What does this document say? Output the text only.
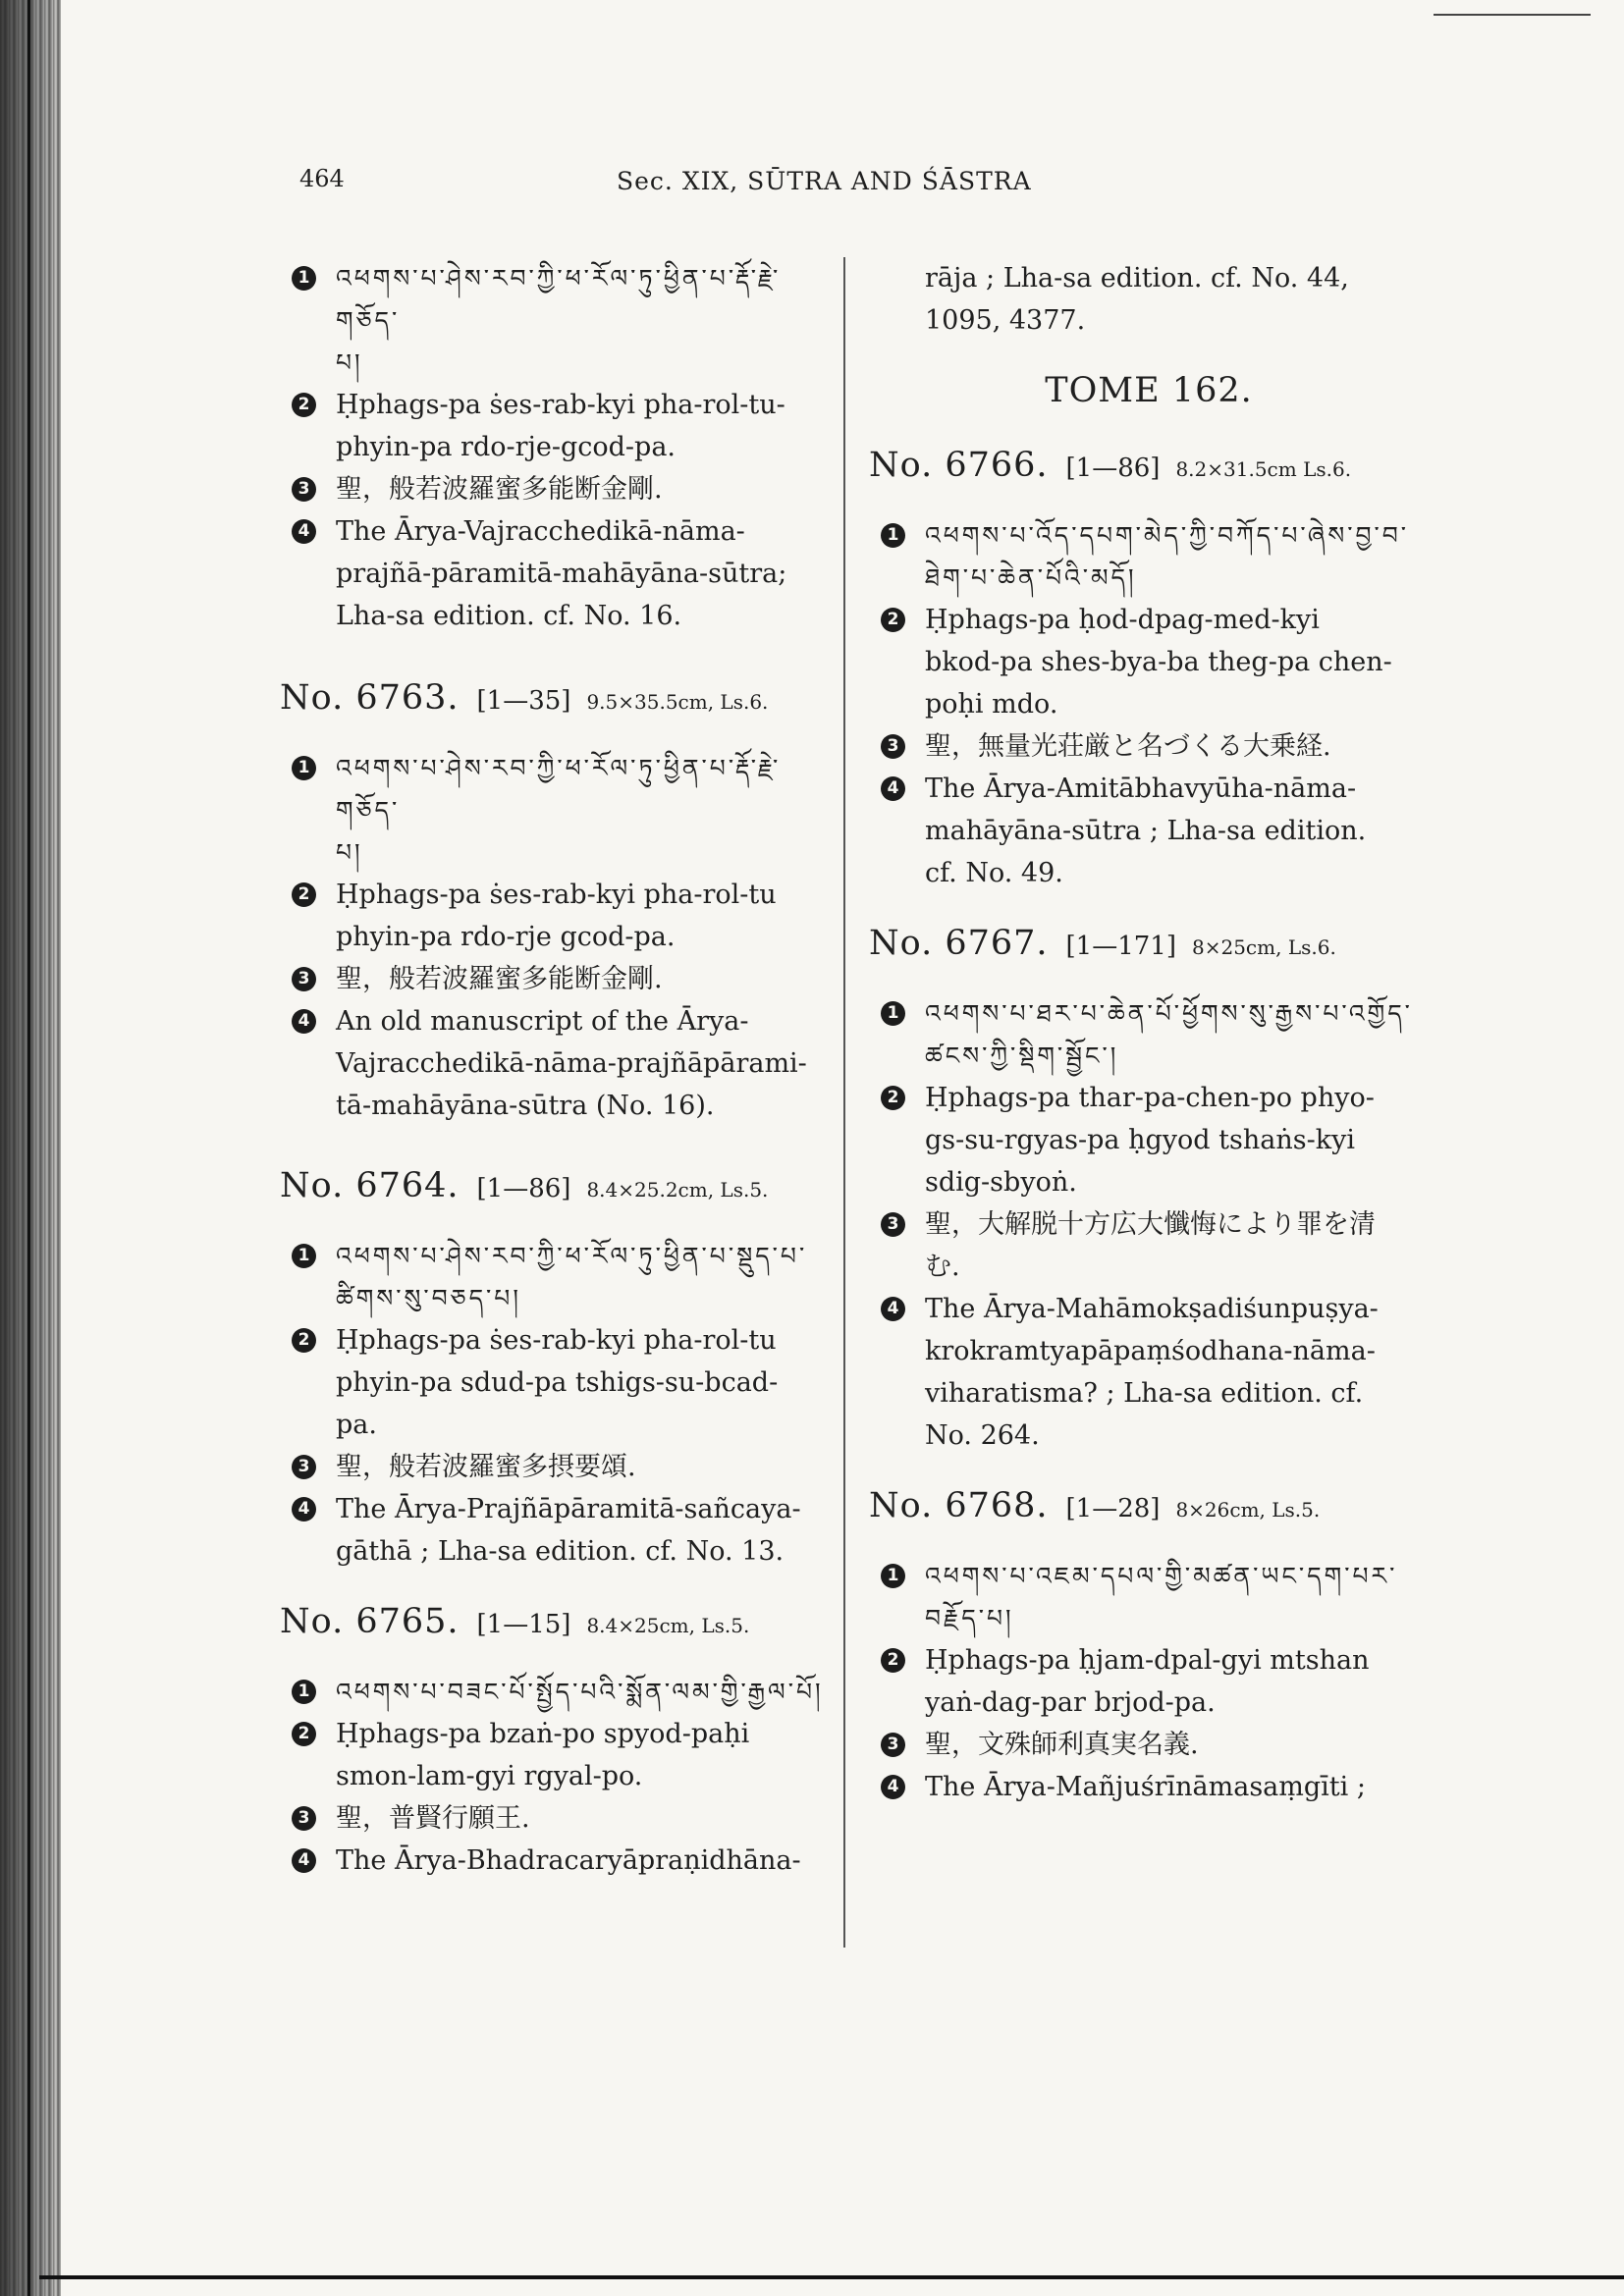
464	Sec. XIX, SŪTRA AND ŚĀSTRA
1 འཕགས་པ་ཤེས་རབ་ཀྱི་ཕ་རོལ་ཏུ་ཕྱིན་པ་རྡོ་རྗེ་གཅོད་
པ།
2 Ḥphags-pa ṡes-rab-kyi pha-rol-tu-
phyin-pa rdo-rje-gcod-pa.
3 聖，般若波羅蜜多能断金剛.
4 The Ārya-Vajracchedikā-nāma-
prajñā-pāramitā-mahāyāna-sūtra;
Lha-sa edition. cf. No. 16.
No. 6763. [1—35] 9.5×35.5cm, Ls.6.
1 འཕགས་པ་ཤེས་རབ་ཀྱི་ཕ་རོལ་ཏུ་ཕྱིན་པ་རྡོ་རྗེ་གཅོད་
པ།
2 Ḥphags-pa ṡes-rab-kyi pha-rol-tu
phyin-pa rdo-rje gcod-pa.
3 聖，般若波羅蜜多能断金剛.
4 An old manuscript of the Ārya-
Vajracchedikā-nāma-prajñāpārami-
tā-mahāyāna-sūtra (No. 16).
No. 6764. [1—86] 8.4×25.2cm, Ls.5.
1 འཕགས་པ་ཤེས་རབ་ཀྱི་ཕ་རོལ་ཏུ་ཕྱིན་པ་སྡུད་པ་
ཚིགས་སུ་བཅད་པ།
2 Ḥphags-pa ṡes-rab-kyi pha-rol-tu
phyin-pa sdud-pa tshigs-su-bcad-
pa.
3 聖，般若波羅蜜多摂要頌.
4 The Ārya-Prajñāpāramitā-sañcaya-
gāthā ; Lha-sa edition. cf. No. 13.
No. 6765. [1—15] 8.4×25cm, Ls.5.
1 འཕགས་པ་བཟང་པོ་སྤྱོད་པའི་སྨོན་ལམ་གྱི་རྒྱལ་པོ།
2 Ḥphags-pa bzaṅ-po spyod-paḥi
smon-lam-gyi rgyal-po.
3 聖，普賢行願王.
4 The Ārya-Bhadracaryāpraṇidhāna-
rāja ; Lha-sa edition. cf. No. 44,
1095, 4377.
TOME 162.
No. 6766. [1—86] 8.2×31.5cm Ls.6.
1 འཕགས་པ་འོད་དཔག་མེད་ཀྱི་བཀོད་པ་ཞེས་བྱ་བ་
ཐེག་པ་ཆེན་པོའི་མདོ།
2 Ḥphags-pa ḥod-dpag-med-kyi
bkod-pa shes-bya-ba theg-pa chen-
poḥi mdo.
3 聖，無量光荘厳と名づくる大乗経.
4 The Ārya-Amitābhavyūha-nāma-
mahāyāna-sūtra ; Lha-sa edition.
cf. No. 49.
No. 6767. [1—171] 8×25cm, Ls.6.
1 འཕགས་པ་ཐར་པ་ཆེན་པོ་ཕྱོགས་སུ་རྒྱས་པ་འགྱོད་
ཚངས་ཀྱི་སྡིག་སྦྱོང་།
2 Ḥphags-pa thar-pa-chen-po phyo-
gs-su-rgyas-pa ḥgyod tshaṅs-kyi
sdig-sbyoṅ.
3 聖，大解脱十方広大懺悔により罪を清
む.
4 The Ārya-Mahāmokṣadiśunpuṣya-
krokramtyapāpaṃśodhana-nāma-
viharatisma? ; Lha-sa edition. cf.
No. 264.
No. 6768. [1—28] 8×26cm, Ls.5.
1 འཕགས་པ་འཇམ་དཔལ་གྱི་མཚན་ཡང་དག་པར་
བརྗོད་པ།
2 Ḥphags-pa ḥjam-dpal-gyi mtshan
yaṅ-dag-par brjod-pa.
3 聖，文殊師利真実名義.
4 The Ārya-Mañjuśrīnāmasaṃgīti ;
